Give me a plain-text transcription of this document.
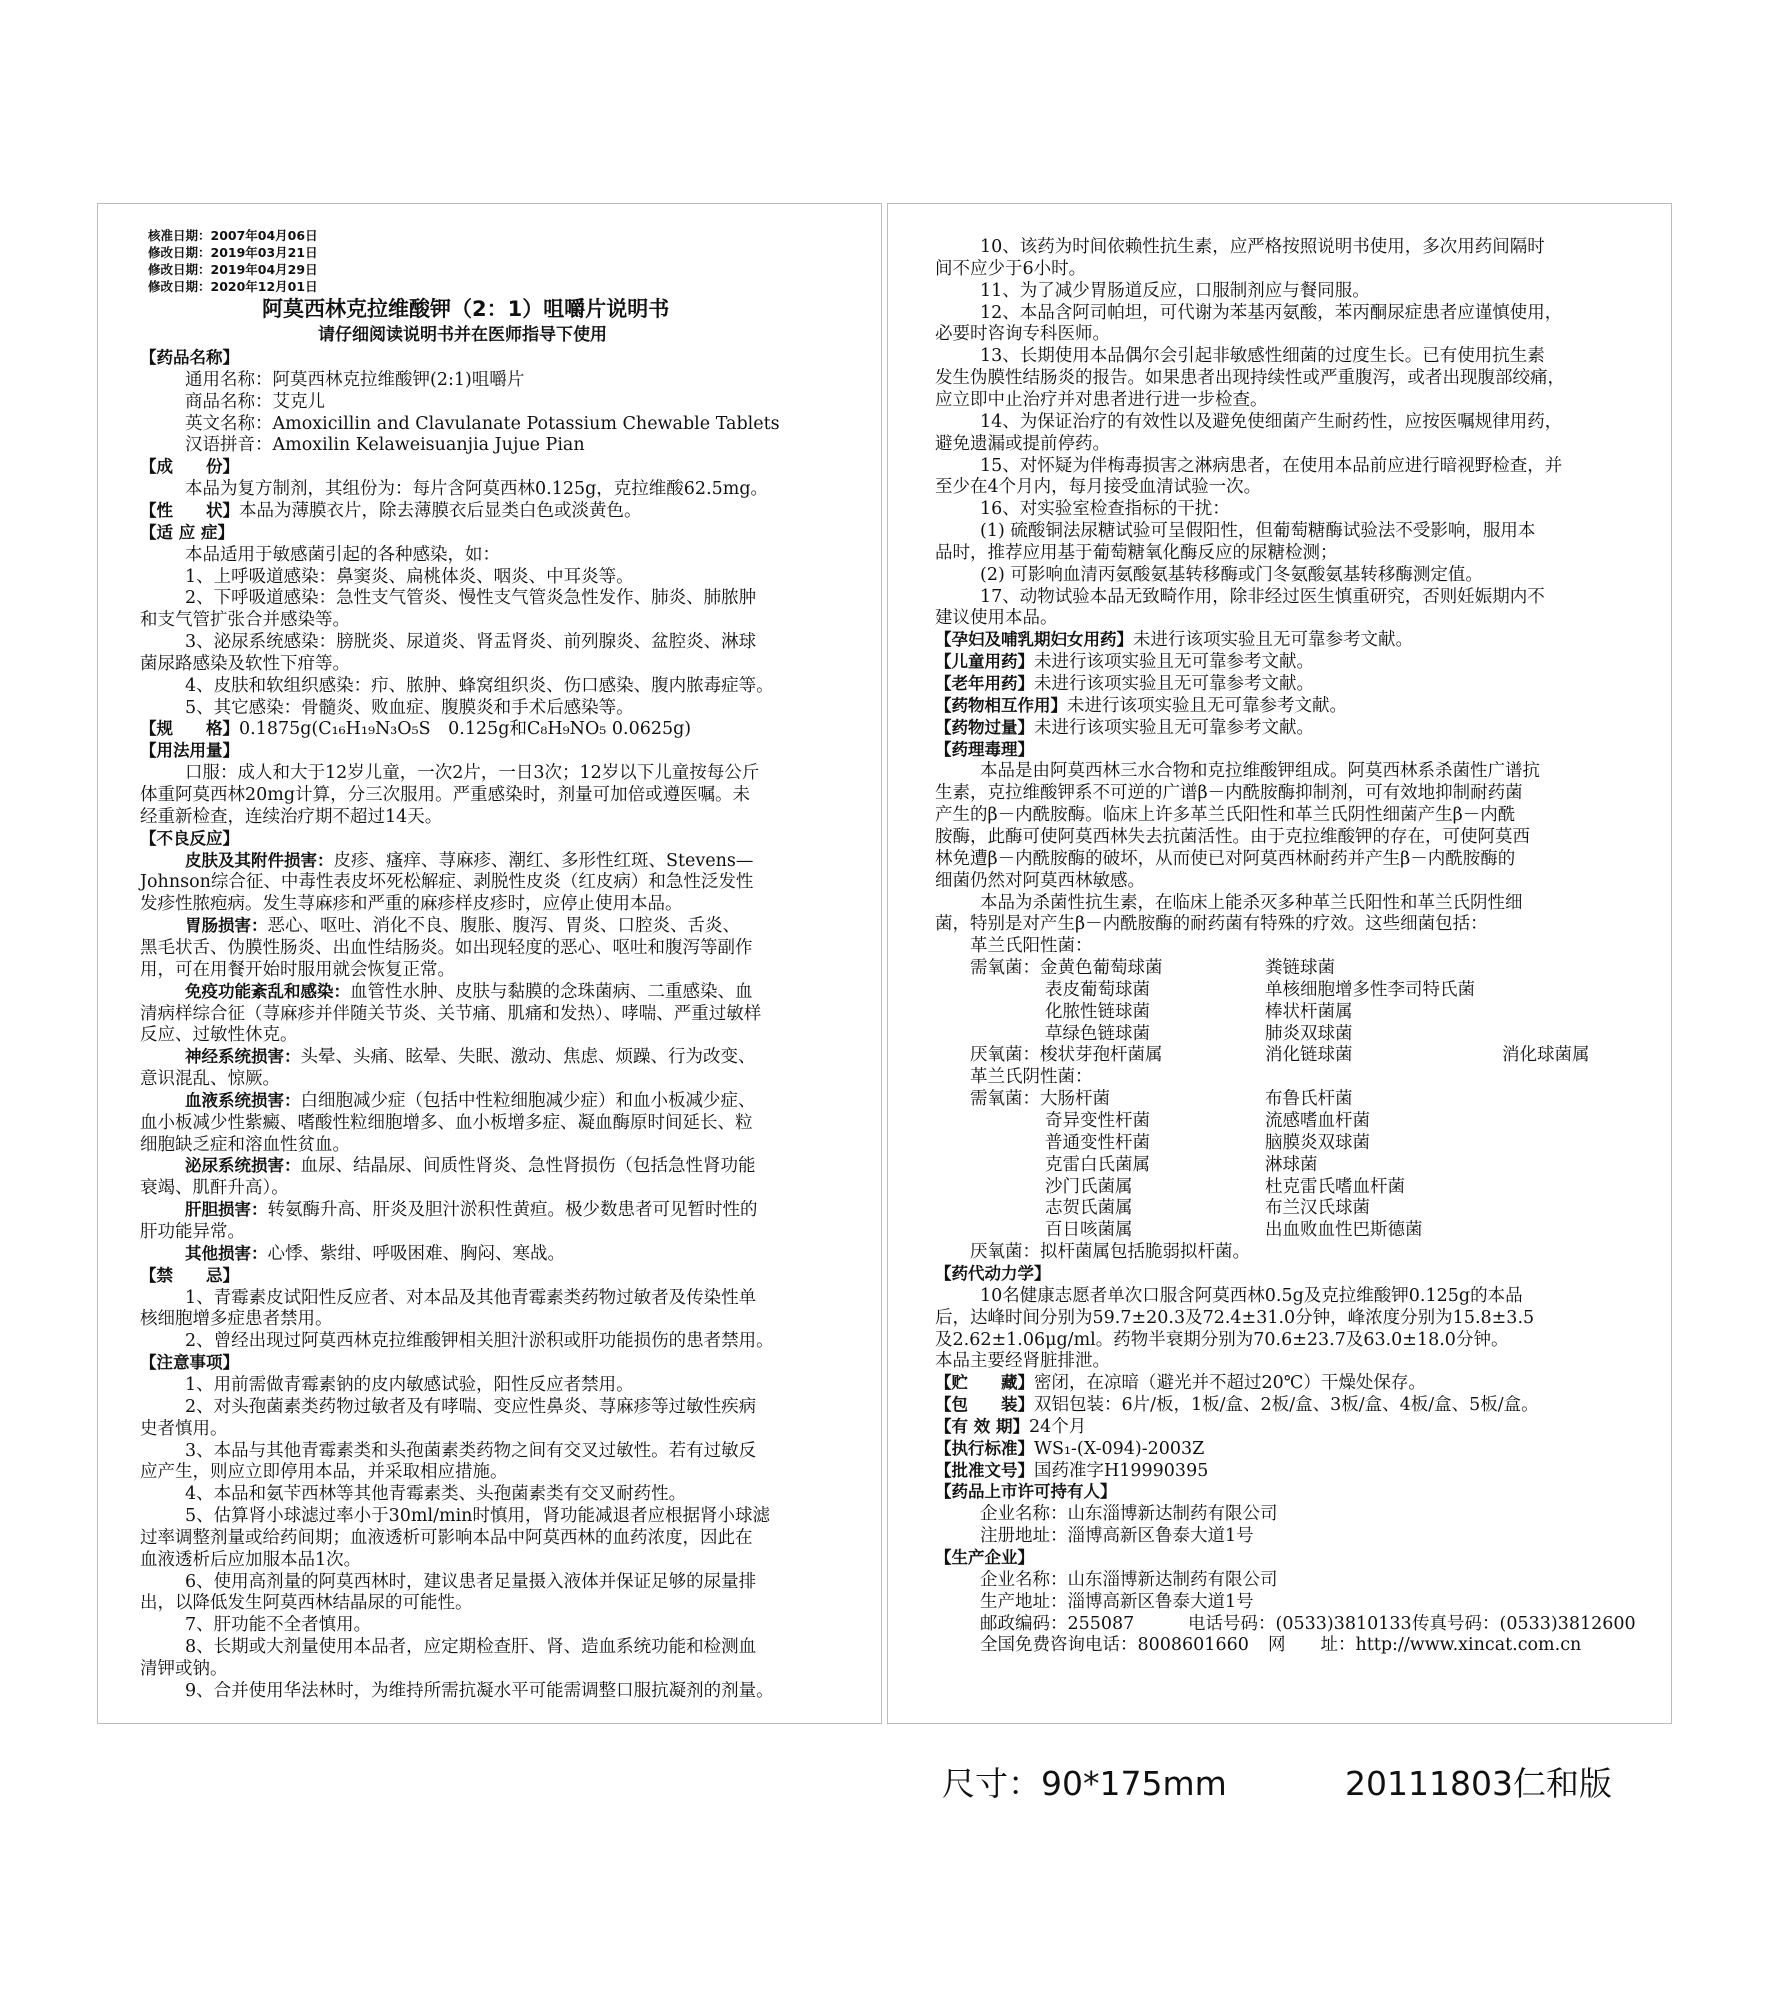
核准日期：2007年04月06日
修改日期：2019年03月21日
修改日期：2019年04月29日
修改日期：2020年12月01日
阿莫西林克拉维酸钾（2：1）咀嚼片说明书
请仔细阅读说明书并在医师指导下使用
【药品名称】
通用名称：阿莫西林克拉维酸钾(2:1)咀嚼片
商品名称：艾克儿
英文名称：Amoxicillin and Clavulanate Potassium Chewable Tablets
汉语拼音：Amoxilin Kelaweisuanjia Jujue Pian
【成　　份】
本品为复方制剂，其组份为：每片含阿莫西林0.125g，克拉维酸62.5mg。
【性　　状】本品为薄膜衣片，除去薄膜衣后显类白色或淡黄色。
【适 应 症】
本品适用于敏感菌引起的各种感染，如：
1、上呼吸道感染：鼻窦炎、扁桃体炎、咽炎、中耳炎等。
2、下呼吸道感染：急性支气管炎、慢性支气管炎急性发作、肺炎、肺脓肿
和支气管扩张合并感染等。
3、泌尿系统感染：膀胱炎、尿道炎、肾盂肾炎、前列腺炎、盆腔炎、淋球
菌尿路感染及软性下疳等。
4、皮肤和软组织感染：疖、脓肿、蜂窝组织炎、伤口感染、腹内脓毒症等。
5、其它感染：骨髓炎、败血症、腹膜炎和手术后感染等。
【规　　格】0.1875g(C₁₆H₁₉N₃O₅S　0.125g和C₈H₉NO₅ 0.0625g)
【用法用量】
口服：成人和大于12岁儿童，一次2片，一日3次；12岁以下儿童按每公斤
体重阿莫西林20mg计算，分三次服用。严重感染时，剂量可加倍或遵医嘱。未
经重新检查，连续治疗期不超过14天。
【不良反应】
皮肤及其附件损害：皮疹、瘙痒、荨麻疹、潮红、多形性红斑、Stevens—
Johnson综合征、中毒性表皮坏死松解症、剥脱性皮炎（红皮病）和急性泛发性
发疹性脓疱病。发生荨麻疹和严重的麻疹样皮疹时，应停止使用本品。
胃肠损害：恶心、呕吐、消化不良、腹胀、腹泻、胃炎、口腔炎、舌炎、
黑毛状舌、伪膜性肠炎、出血性结肠炎。如出现轻度的恶心、呕吐和腹泻等副作
用，可在用餐开始时服用就会恢复正常。
免疫功能紊乱和感染：血管性水肿、皮肤与黏膜的念珠菌病、二重感染、血
清病样综合征（荨麻疹并伴随关节炎、关节痛、肌痛和发热）、哮喘、严重过敏样
反应、过敏性休克。
神经系统损害：头晕、头痛、眩晕、失眠、激动、焦虑、烦躁、行为改变、
意识混乱、惊厥。
血液系统损害：白细胞减少症（包括中性粒细胞减少症）和血小板减少症、
血小板减少性紫癜、嗜酸性粒细胞增多、血小板增多症、凝血酶原时间延长、粒
细胞缺乏症和溶血性贫血。
泌尿系统损害：血尿、结晶尿、间质性肾炎、急性肾损伤（包括急性肾功能
衰竭、肌酐升高）。
肝胆损害：转氨酶升高、肝炎及胆汁淤积性黄疸。极少数患者可见暂时性的
肝功能异常。
其他损害：心悸、紫绀、呼吸困难、胸闷、寒战。
【禁　　忌】
1、青霉素皮试阳性反应者、对本品及其他青霉素类药物过敏者及传染性单
核细胞增多症患者禁用。
2、曾经出现过阿莫西林克拉维酸钾相关胆汁淤积或肝功能损伤的患者禁用。
【注意事项】
1、用前需做青霉素钠的皮内敏感试验，阳性反应者禁用。
2、对头孢菌素类药物过敏者及有哮喘、变应性鼻炎、荨麻疹等过敏性疾病
史者慎用。
3、本品与其他青霉素类和头孢菌素类药物之间有交叉过敏性。若有过敏反
应产生，则应立即停用本品，并采取相应措施。
4、本品和氨苄西林等其他青霉素类、头孢菌素类有交叉耐药性。
5、估算肾小球滤过率小于30ml/min时慎用，肾功能减退者应根据肾小球滤
过率调整剂量或给药间期；血液透析可影响本品中阿莫西林的血药浓度，因此在
血液透析后应加服本品1次。
6、使用高剂量的阿莫西林时，建议患者足量摄入液体并保证足够的尿量排
出，以降低发生阿莫西林结晶尿的可能性。
7、肝功能不全者慎用。
8、长期或大剂量使用本品者，应定期检查肝、肾、造血系统功能和检测血
清钾或钠。
9、合并使用华法林时，为维持所需抗凝水平可能需调整口服抗凝剂的剂量。
10、该药为时间依赖性抗生素，应严格按照说明书使用，多次用药间隔时
间不应少于6小时。
11、为了减少胃肠道反应，口服制剂应与餐同服。
12、本品含阿司帕坦，可代谢为苯基丙氨酸，苯丙酮尿症患者应谨慎使用，
必要时咨询专科医师。
13、长期使用本品偶尔会引起非敏感性细菌的过度生长。已有使用抗生素
发生伪膜性结肠炎的报告。如果患者出现持续性或严重腹泻，或者出现腹部绞痛，
应立即中止治疗并对患者进行进一步检查。
14、为保证治疗的有效性以及避免使细菌产生耐药性，应按医嘱规律用药，
避免遗漏或提前停药。
15、对怀疑为伴梅毒损害之淋病患者，在使用本品前应进行暗视野检查，并
至少在4个月内，每月接受血清试验一次。
16、对实验室检查指标的干扰：
(1) 硫酸铜法尿糖试验可呈假阳性，但葡萄糖酶试验法不受影响，服用本
品时，推荐应用基于葡萄糖氧化酶反应的尿糖检测；
(2) 可影响血清丙氨酸氨基转移酶或门冬氨酸氨基转移酶测定值。
17、动物试验本品无致畸作用，除非经过医生慎重研究，否则妊娠期内不
建议使用本品。
【孕妇及哺乳期妇女用药】未进行该项实验且无可靠参考文献。
【儿童用药】未进行该项实验且无可靠参考文献。
【老年用药】未进行该项实验且无可靠参考文献。
【药物相互作用】未进行该项实验且无可靠参考文献。
【药物过量】未进行该项实验且无可靠参考文献。
【药理毒理】
本品是由阿莫西林三水合物和克拉维酸钾组成。阿莫西林系杀菌性广谱抗
生素，克拉维酸钾系不可逆的广谱β－内酰胺酶抑制剂，可有效地抑制耐药菌
产生的β－内酰胺酶。临床上许多革兰氏阳性和革兰氏阴性细菌产生β－内酰
胺酶，此酶可使阿莫西林失去抗菌活性。由于克拉维酸钾的存在，可使阿莫西
林免遭β－内酰胺酶的破坏，从而使已对阿莫西林耐药并产生β－内酰胺酶的
细菌仍然对阿莫西林敏感。
本品为杀菌性抗生素，在临床上能杀灭多种革兰氏阳性和革兰氏阴性细
菌，特别是对产生β－内酰胺酶的耐药菌有特殊的疗效。这些细菌包括：
革兰氏阳性菌：
需氧菌：金黄色葡萄球菌	粪链球菌
表皮葡萄球菌	单核细胞增多性李司特氏菌
化脓性链球菌	棒状杆菌属
草绿色链球菌	肺炎双球菌
厌氧菌：梭状芽孢杆菌属	消化链球菌	消化球菌属
革兰氏阴性菌：
需氧菌：大肠杆菌	布鲁氏杆菌
奇异变性杆菌	流感嗜血杆菌
普通变性杆菌	脑膜炎双球菌
克雷白氏菌属	淋球菌
沙门氏菌属	杜克雷氏嗜血杆菌
志贺氏菌属	布兰汉氏球菌
百日咳菌属	出血败血性巴斯德菌
厌氧菌：拟杆菌属包括脆弱拟杆菌。
【药代动力学】
10名健康志愿者单次口服含阿莫西林0.5g及克拉维酸钾0.125g的本品
后，达峰时间分别为59.7±20.3及72.4±31.0分钟，峰浓度分别为15.8±3.5
及2.62±1.06μg/ml。药物半衰期分别为70.6±23.7及63.0±18.0分钟。
本品主要经肾脏排泄。
【贮　　藏】密闭，在凉暗（避光并不超过20℃）干燥处保存。
【包　　装】双铝包装：6片/板，1板/盒、2板/盒、3板/盒、4板/盒、5板/盒。
【有 效 期】24个月
【执行标准】WS₁-(X-094)-2003Z
【批准文号】国药准字H19990395
【药品上市许可持有人】
企业名称：山东淄博新达制药有限公司
注册地址：淄博高新区鲁泰大道1号
【生产企业】
企业名称：山东淄博新达制药有限公司
生产地址：淄博高新区鲁泰大道1号
邮政编码：255087	电话号码：(0533)3810133 传真号码：(0533)3812600
全国免费咨询电话：8008601660 网　　址：http://www.xincat.com.cn
尺寸：90*175mm	20111803仁和版
